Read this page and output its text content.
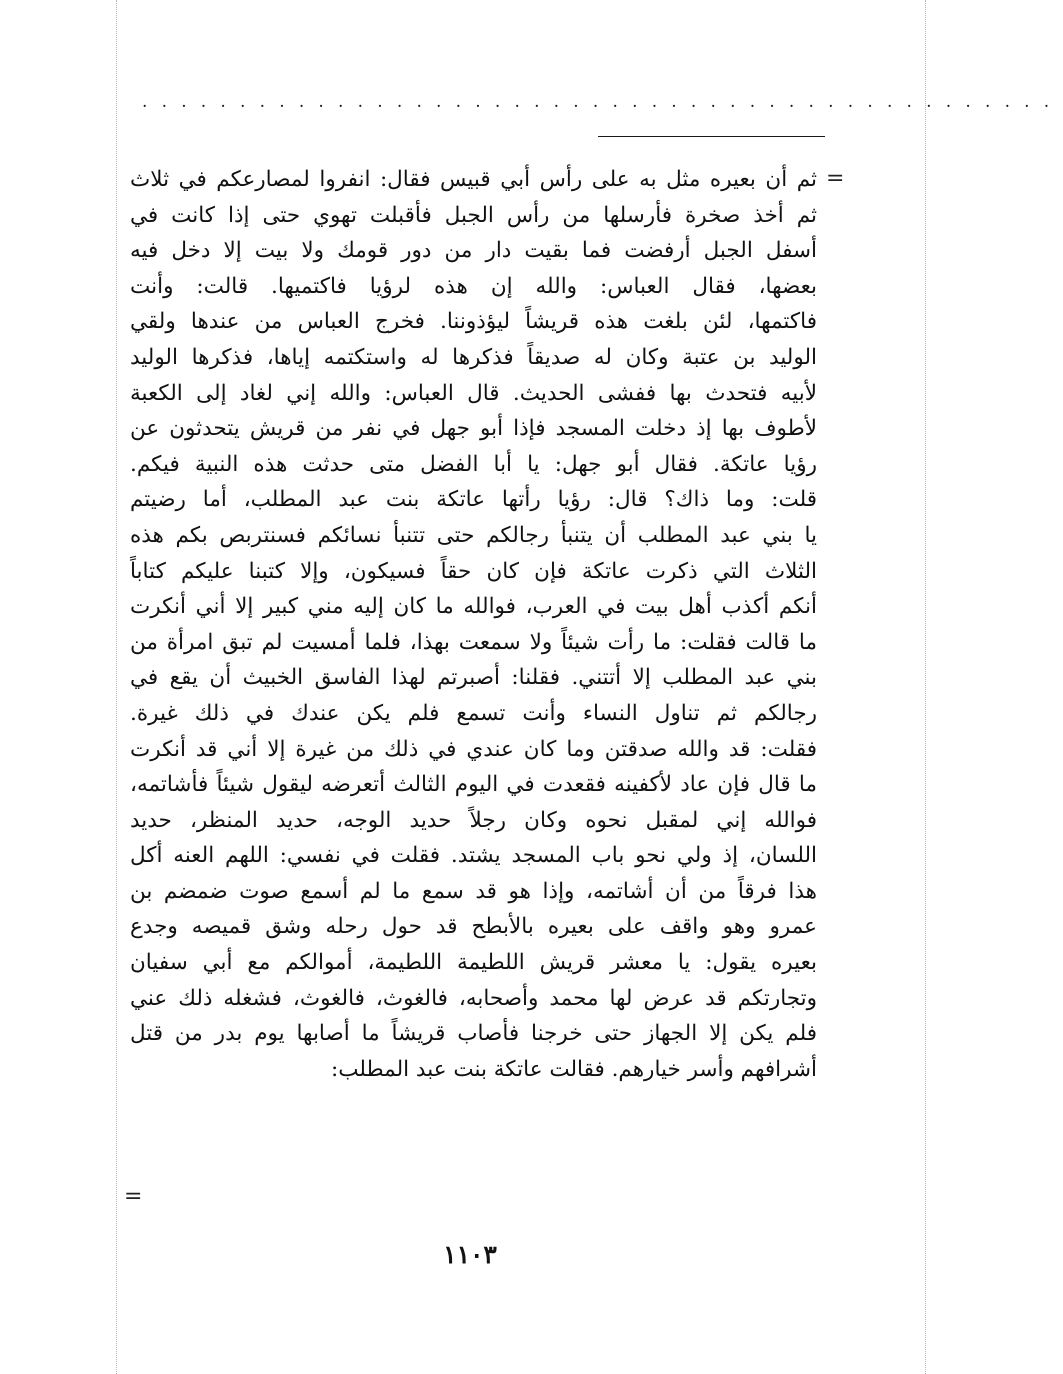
...............................................
=
ثم أن بعيره مثل به على رأس أبي قبيس فقال: انفروا لمصارعكم في ثلاث
ثم أخذ صخرة فأرسلها من رأس الجبل فأقبلت تهوي حتى إذا كانت في
أسفل الجبل أرفضت فما بقيت دار من دور قومك ولا بيت إلا دخل فيه
بعضها، فقال العباس: والله إن هذه لرؤيا فاكتميها. قالت: وأنت
فاكتمها، لئن بلغت هذه قريشاً ليؤذوننا. فخرج العباس من عندها ولقي
الوليد بن عتبة وكان له صديقاً فذكرها له واستكتمه إياها، فذكرها الوليد
لأبيه فتحدث بها ففشى الحديث. قال العباس: والله إني لغاد إلى الكعبة
لأطوف بها إذ دخلت المسجد فإذا أبو جهل في نفر من قريش يتحدثون عن
رؤيا عاتكة. فقال أبو جهل: يا أبا الفضل متى حدثت هذه النبية فيكم.
قلت: وما ذاك؟ قال: رؤيا رأتها عاتكة بنت عبد المطلب، أما رضيتم
يا بني عبد المطلب أن يتنبأ رجالكم حتى تتنبأ نسائكم فسنتربص بكم هذه
الثلاث التي ذكرت عاتكة فإن كان حقاً فسيكون، وإلا كتبنا عليكم كتاباً
أنكم أكذب أهل بيت في العرب، فوالله ما كان إليه مني كبير إلا أني أنكرت
ما قالت فقلت: ما رأت شيئاً ولا سمعت بهذا، فلما أمسيت لم تبق امرأة من
بني عبد المطلب إلا أتتني. فقلنا: أصبرتم لهذا الفاسق الخبيث أن يقع في
رجالكم ثم تناول النساء وأنت تسمع فلم يكن عندك في ذلك غيرة.
فقلت: قد والله صدقتن وما كان عندي في ذلك من غيرة إلا أني قد أنكرت
ما قال فإن عاد لأكفينه فقعدت في اليوم الثالث أتعرضه ليقول شيئاً فأشاتمه،
فوالله إني لمقبل نحوه وكان رجلاً حديد الوجه، حديد المنظر، حديد
اللسان، إذ ولي نحو باب المسجد يشتد. فقلت في نفسي: اللهم العنه أكل
هذا فرقاً من أن أشاتمه، وإذا هو قد سمع ما لم أسمع صوت ضمضم بن
عمرو وهو واقف على بعيره بالأبطح قد حول رحله وشق قميصه وجدع
بعيره يقول: يا معشر قريش اللطيمة اللطيمة، أموالكم مع أبي سفيان
وتجارتكم قد عرض لها محمد وأصحابه، فالغوث، فالغوث، فشغله ذلك عني
فلم يكن إلا الجهاز حتى خرجنا فأصاب قريشاً ما أصابها يوم بدر من قتل
أشرافهم وأسر خيارهم. فقالت عاتكة بنت عبد المطلب:
=
١١٠٣
